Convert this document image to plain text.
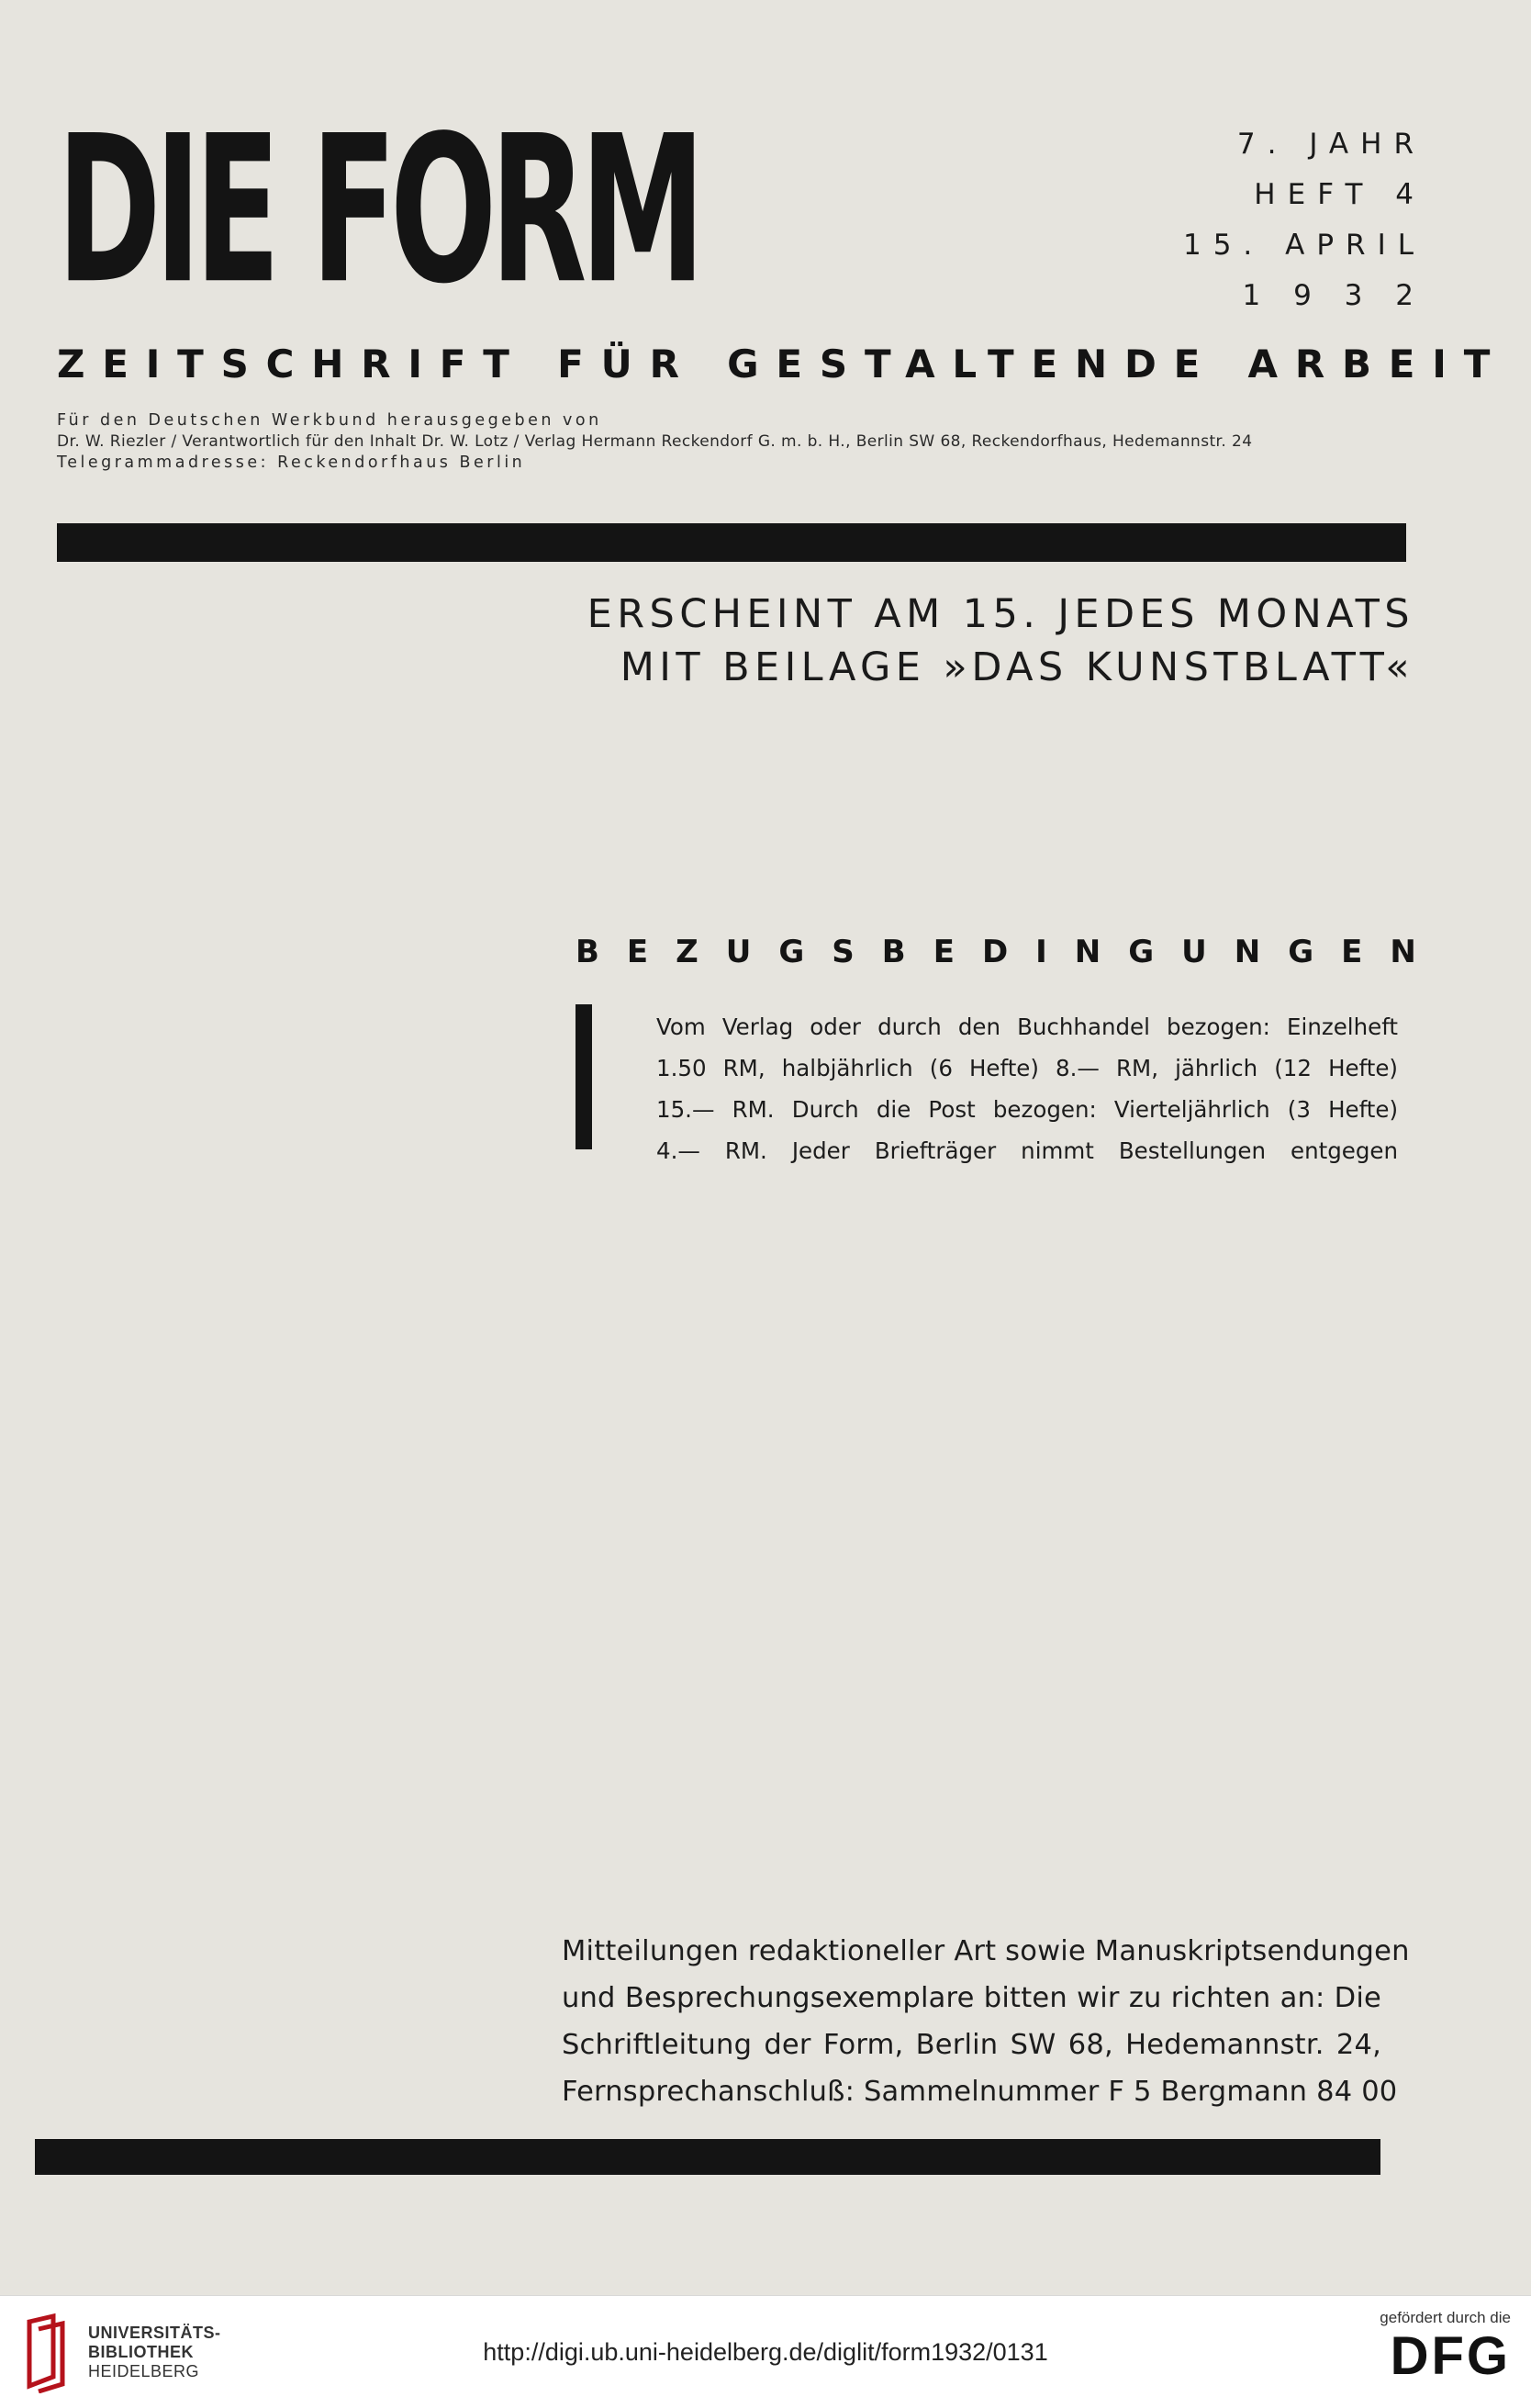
DIE FORM	7. JAHR
HEFT 4
15. APRIL
1 9 3 2
ZEITSCHRIFT FÜR GESTALTENDE ARBEIT
Für den Deutschen Werkbund herausgegeben von
Dr. W. Riezler / Verantwortlich für den Inhalt Dr. W. Lotz / Verlag Hermann Reckendorf G. m. b. H., Berlin SW 68, Reckendorfhaus, Hedemannstr. 24
Telegrammadresse: Reckendorfhaus Berlin
ERSCHEINT AM 15. JEDES MONATS
MIT BEILAGE »DAS KUNSTBLATT«
BEZUGSBEDINGUNGEN
Vom Verlag oder durch den Buchhandel bezogen: Einzelheft
1.50 RM, halbjährlich (6 Hefte) 8.— RM, jährlich (12 Hefte)
15.— RM. Durch die Post bezogen: Vierteljährlich (3 Hefte)
4.— RM. Jeder Briefträger nimmt Bestellungen entgegen
Mitteilungen redaktioneller Art sowie Manuskriptsendungen
und Besprechungsexemplare bitten wir zu richten an: Die
Schriftleitung der Form, Berlin SW 68, Hedemannstr. 24,
Fernsprechanschluß: Sammelnummer F 5 Bergmann 84 00
UNIVERSITÄTS-
BIBLIOTHEK
HEIDELBERG
http://digi.ub.uni-heidelberg.de/diglit/form1932/0131
gefördert durch die
DFG
